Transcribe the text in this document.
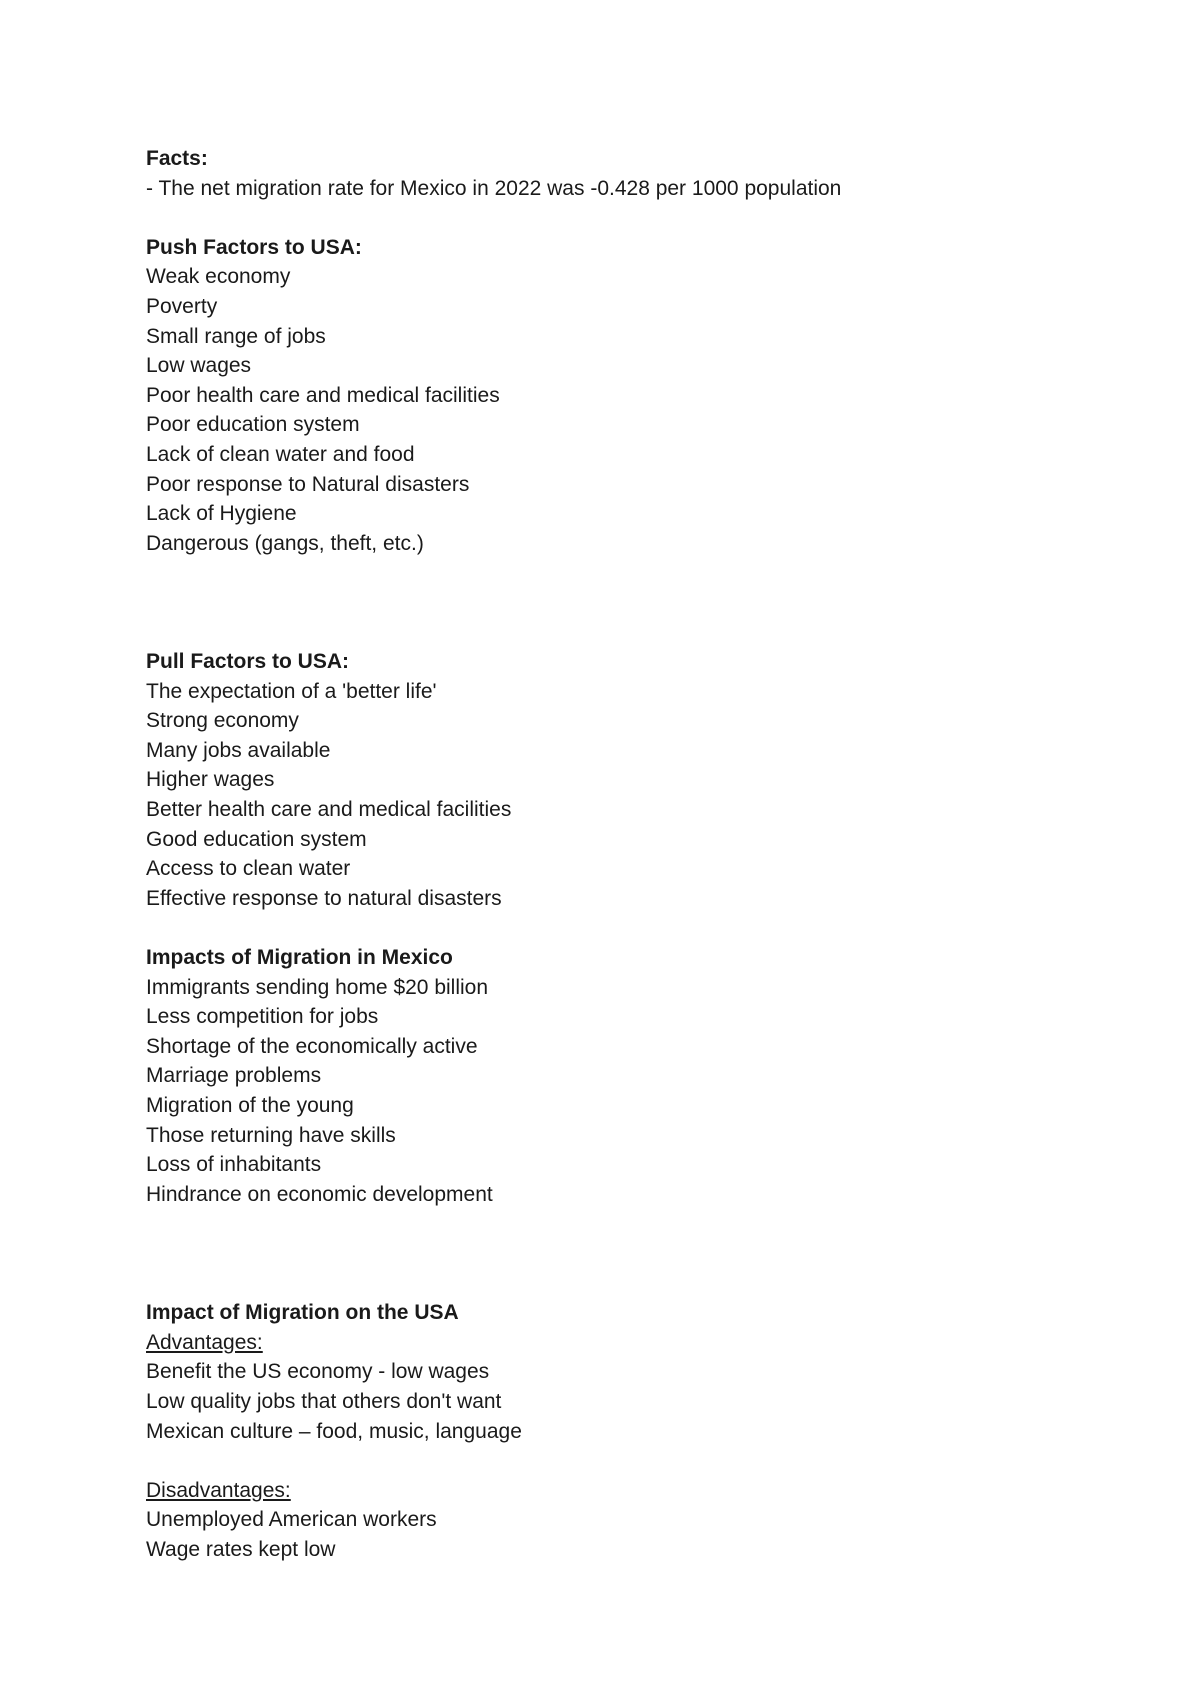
Facts:

- The net migration rate for Mexico in 2022 was -0.428 per 1000 population

Push Factors to USA:

Weak economy
Poverty
Small range of jobs
Low wages
Poor health care and medical facilities
Poor education system
Lack of clean water and food
Poor response to Natural disasters
Lack of Hygiene
Dangerous (gangs, theft, etc.)

Pull Factors to USA:

The expectation of a 'better life'
Strong economy
Many jobs available
Higher wages
Better health care and medical facilities
Good education system
Access to clean water
Effective response to natural disasters

Impacts of Migration in Mexico

Immigrants sending home $20 billion
Less competition for jobs
Shortage of the economically active
Marriage problems
Migration of the young
Those returning have skills
Loss of inhabitants
Hindrance on economic development

Impact of Migration on the USA

Advantages:

Benefit the US economy - low wages
Low quality jobs that others don't want
Mexican culture – food, music, language

Disadvantages:

Unemployed American workers
Wage rates kept low
